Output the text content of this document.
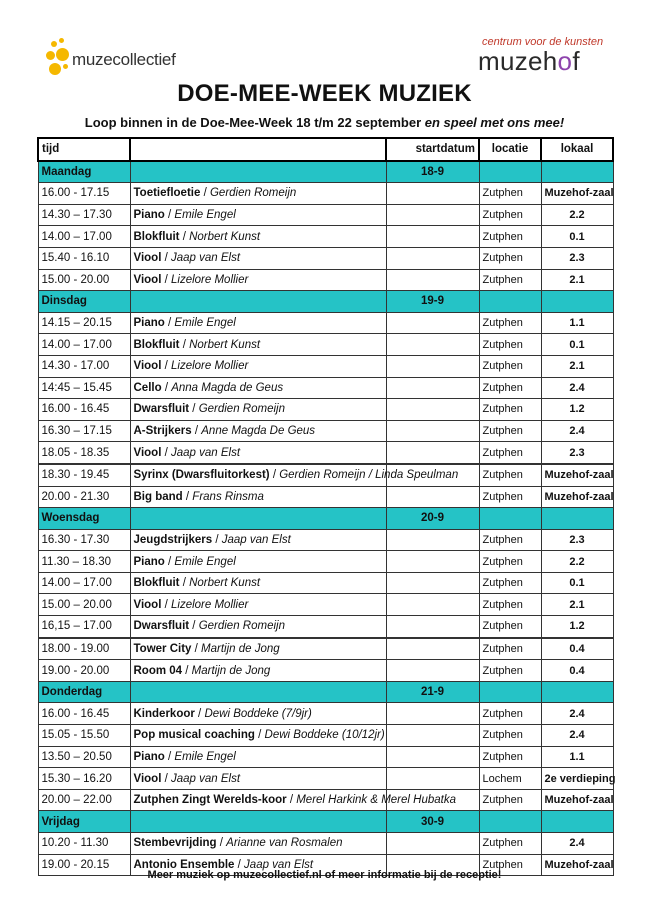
muzecollectief
centrum voor de kunsten
muzehof
DOE-MEE-WEEK MUZIEK
Loop binnen in de Doe-Mee-Week 18 t/m 22 september en speel met ons mee!
tijd		startdatum	locatie	lokaal
Maandag		18-9		
16.00 - 17.15	Toetiefloetie / Gerdien Romeijn		Zutphen	Muzehof-zaal
14.30 – 17.30	Piano / Emile Engel		Zutphen	2.2
14.00 – 17.00	Blokfluit / Norbert Kunst		Zutphen	0.1
15.40 - 16.10	Viool / Jaap van Elst		Zutphen	2.3
15.00 - 20.00	Viool / Lizelore Mollier		Zutphen	2.1
Dinsdag		19-9		
14.15 – 20.15	Piano / Emile Engel		Zutphen	1.1
14.00 – 17.00	Blokfluit / Norbert Kunst		Zutphen	0.1
14.30 - 17.00	Viool / Lizelore Mollier		Zutphen	2.1
14:45 – 15.45	Cello / Anna Magda de Geus		Zutphen	2.4
16.00 - 16.45	Dwarsfluit / Gerdien Romeijn		Zutphen	1.2
16.30 – 17.15	A-Strijkers / Anne Magda De Geus		Zutphen	2.4
18.05 - 18.35	Viool / Jaap van Elst		Zutphen	2.3
18.30 - 19.45	Syrinx (Dwarsfluitorkest) / Gerdien Romeijn / Linda Speulman		Zutphen	Muzehof-zaal
20.00 - 21.30	Big band / Frans Rinsma		Zutphen	Muzehof-zaal
Woensdag		20-9		
16.30 - 17.30	Jeugdstrijkers / Jaap van Elst		Zutphen	2.3
11.30 – 18.30	Piano / Emile Engel		Zutphen	2.2
14.00 – 17.00	Blokfluit / Norbert Kunst		Zutphen	0.1
15.00 – 20.00	Viool / Lizelore Mollier		Zutphen	2.1
16,15 – 17.00	Dwarsfluit / Gerdien Romeijn		Zutphen	1.2
18.00 - 19.00	Tower City / Martijn de Jong		Zutphen	0.4
19.00 - 20.00	Room 04 / Martijn de Jong		Zutphen	0.4
Donderdag		21-9		
16.00 - 16.45	Kinderkoor / Dewi Boddeke (7/9jr)		Zutphen	2.4
15.05 - 15.50	Pop musical coaching / Dewi Boddeke (10/12jr)		Zutphen	2.4
13.50 – 20.50	Piano / Emile Engel		Zutphen	1.1
15.30 – 16.20	Viool / Jaap van Elst		Lochem	2e verdieping
20.00 – 22.00	Zutphen Zingt Werelds-koor / Merel Harkink & Merel Hubatka		Zutphen	Muzehof-zaal
Vrijdag		30-9		
10.20 - 11.30	Stembevrijding / Arianne van Rosmalen		Zutphen	2.4
19.00 - 20.15	Antonio Ensemble / Jaap van Elst		Zutphen	Muzehof-zaal
Meer muziek op muzecollectief.nl of meer informatie bij de receptie!
